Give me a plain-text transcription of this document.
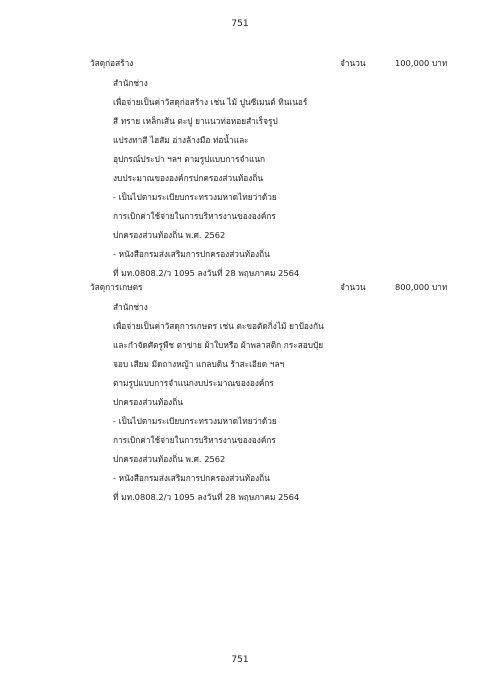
751
วัสดุก่อสร้าง	จำนวน	100,000 บาท
สำนักช่าง
เพื่อจ่ายเป็นค่าวัสดุก่อสร้าง เช่น ไม้ ปูนซีเมนต์ ทินเนอร์
สี ทราย เหล็กเส้น ตะปู ยาแนวท่อหอยสำเร็จรูป
แปรงทาสี ไฮสัม อ่างล้างมือ ท่อน้ำและ
อุปกรณ์ประปา ฯลฯ ตามรูปแบบการจำแนก
งบประมาณขององค์กรปกครองส่วนท้องถิ่น
- เป็นไปตามระเบียบกระทรวงมหาดไทยว่าด้วย
การเบิกค่าใช้จ่ายในการบริหารงานขององค์กร
ปกครองส่วนท้องถิ่น พ.ศ. 2562
- หนังสือกรมส่งเสริมการปกครองส่วนท้องถิ่น
ที่ มท.0808.2/ว 1095 ลงวันที่ 28 พฤษภาคม 2564
วัสดุการเกษตร	จำนวน	800,000 บาท
สำนักช่าง
เพื่อจ่ายเป็นค่าวัสดุการเกษตร เช่น ตะขอตัดกิ่งไม้ ยาป้องกัน
และกำจัดศัตรูพืช ตาข่าย ผ้าใบหรือ ผ้าพลาสติก กระสอบปุ๋ย
จอบ เสียม มีดถางหญ้า แกลบดิน ร้าสะเอียด ฯลฯ
ตามรูปแบบการจำแนกงบประมาณขององค์กร
ปกครองส่วนท้องถิ่น
- เป็นไปตามระเบียบกระทรวงมหาดไทยว่าด้วย
การเบิกค่าใช้จ่ายในการบริหารงานขององค์กร
ปกครองส่วนท้องถิ่น พ.ศ. 2562
- หนังสือกรมส่งเสริมการปกครองส่วนท้องถิ่น
ที่ มท.0808.2/ว 1095 ลงวันที่ 28 พฤษภาคม 2564
751
